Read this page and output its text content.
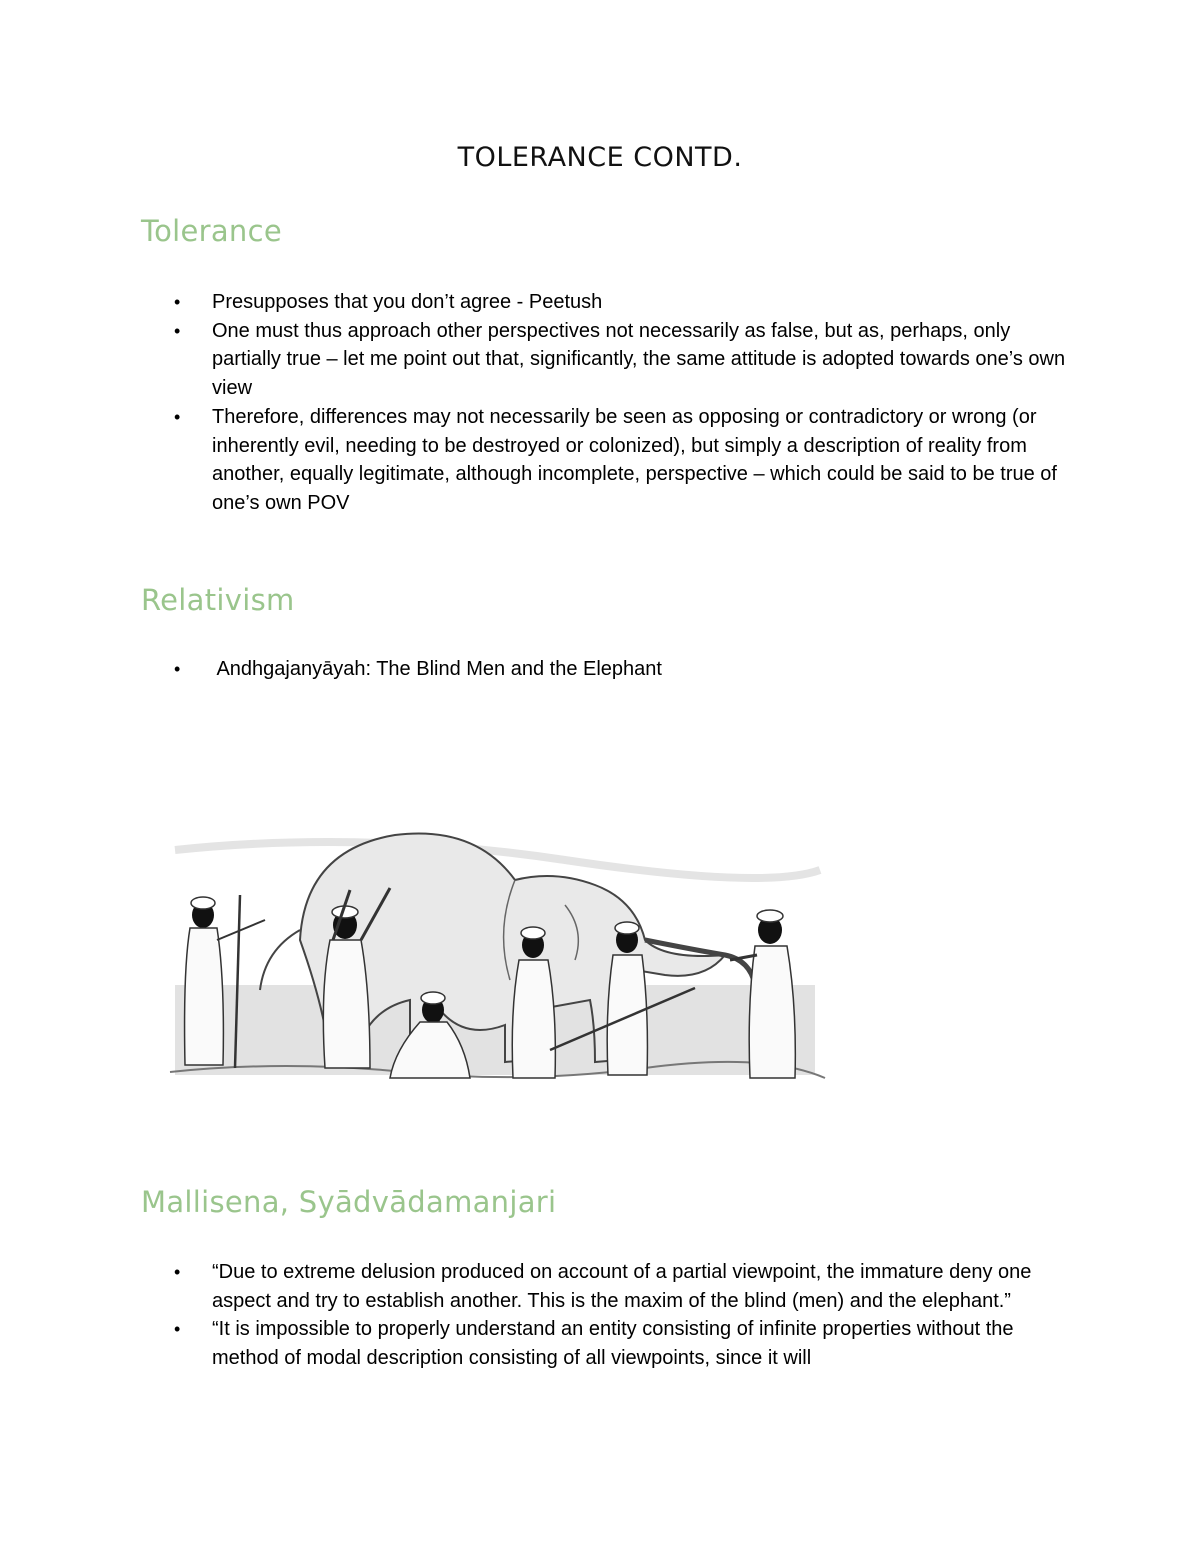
TOLERANCE CONTD.
Tolerance
• Presupposes that you don’t agree - Peetush
• One must thus approach other perspectives not necessarily as false, but as, perhaps, only partially true – let me point out that, significantly, the same attitude is adopted towards one’s own view
• Therefore, differences may not necessarily be seen as opposing or contradictory or wrong (or inherently evil, needing to be destroyed or colonized), but simply a description of reality from another, equally legitimate, although incomplete, perspective – which could be said to be true of one’s own POV
Relativism
• Andhgajanyāyah: The Blind Men and the Elephant
Mallisena, Syādvādamanjari
• “Due to extreme delusion produced on account of a partial viewpoint, the immature deny one aspect and try to establish another. This is the maxim of the blind (men) and the elephant.”
• “It is impossible to properly understand an entity consisting of infinite properties without the method of modal description consisting of all viewpoints, since it will
